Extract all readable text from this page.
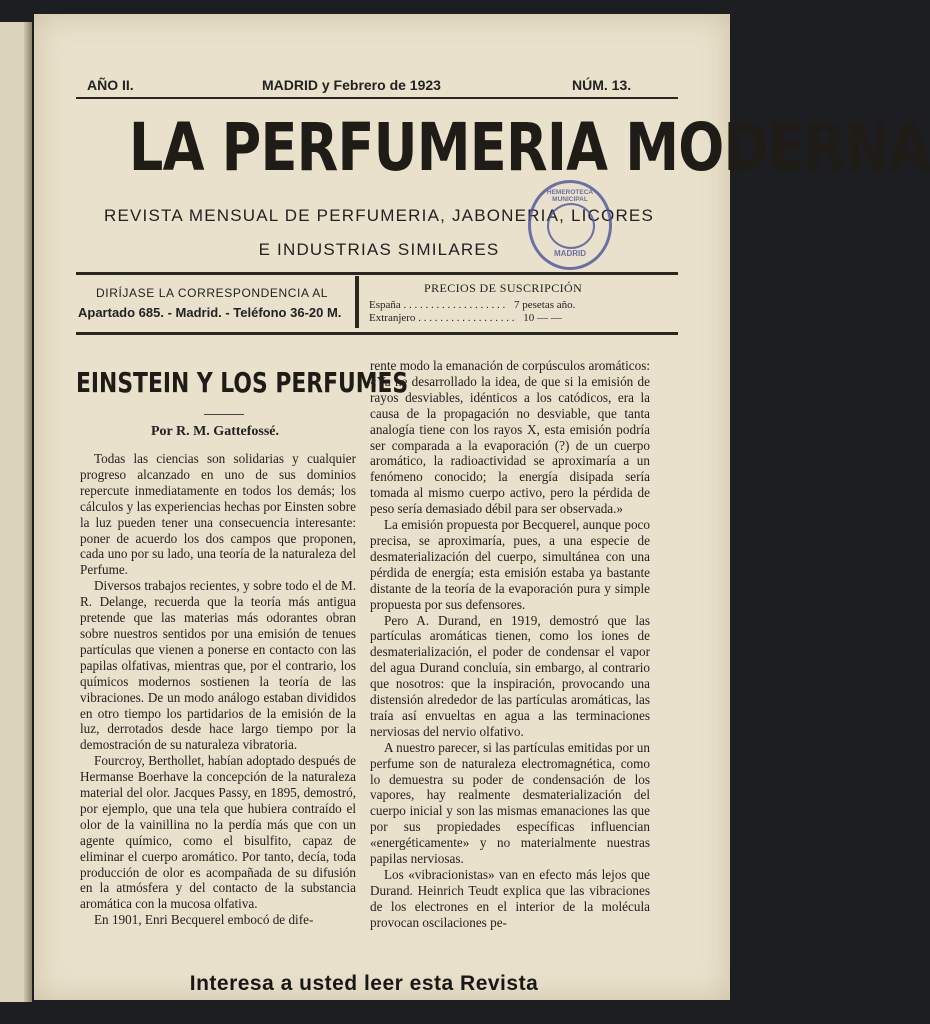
AÑO II.	MADRID y Febrero de 1923	NÚM. 13.
LA PERFUMERIA MODERNA
REVISTA MENSUAL DE PERFUMERIA, JABONERIA, LICORES
E INDUSTRIAS SIMILARES
HEMEROTECA MUNICIPAL
MADRID
DIRÍJASE LA CORRESPONDENCIA AL
Apartado 685. - Madrid. - Teléfono 36-20 M.
PRECIOS DE SUSCRIPCIÓN
España . . . . . . . . . . . . . . . . . . . 7 pesetas año.
Extranjero . . . . . . . . . . . . . . . . . . 10 — —
EINSTEIN Y LOS PERFUMES
Por R. M. Gattefossé.

Todas las ciencias son solidarias y cualquier progreso alcanzado en uno de sus dominios repercute inmediatamente en todos los demás; los cálculos y las experiencias hechas por Einsten sobre la luz pueden tener una consecuencia interesante: poner de acuerdo los dos campos que proponen, cada uno por su lado, una teoría de la naturaleza del Perfume.

Diversos trabajos recientes, y sobre todo el de M. R. Delange, recuerda que la teoría más antigua pretende que las materias más odorantes obran sobre nuestros sentidos por una emisión de tenues partículas que vienen a ponerse en contacto con las papilas olfativas, mientras que, por el contrario, los químicos modernos sostienen la teoría de las vibraciones. De un modo análogo estaban divididos en otro tiempo los partidarios de la emisión de la luz, derrotados desde hace largo tiempo por la demostración de su naturaleza vibratoria.

Fourcroy, Berthollet, habían adoptado después de Hermanse Boerhave la concepción de la naturaleza material del olor. Jacques Passy, en 1895, demostró, por ejemplo, que una tela que hubiera contraído el olor de la vainillina no la perdía más que con un agente químico, como el bisulfito, capaz de eliminar el cuerpo aromático. Por tanto, decía, toda producción de olor es acompañada de su difusión en la atmósfera y del contacto de la substancia aromática con la mucosa olfativa.

En 1901, Enri Becquerel embocó de dife-

rente modo la emanación de corpúsculos aromáticos: «Ya he desarrollado la idea, de que si la emisión de rayos desviables, idénticos a los catódicos, era la causa de la propagación no desviable, que tanta analogía tiene con los rayos X, esta emisión podría ser comparada a la evaporación (?) de un cuerpo aromático, la radioactividad se aproximaría a un fenómeno conocido; la energía disipada sería tomada al mismo cuerpo activo, pero la pérdida de peso sería demasiado débil para ser observada.»

La emisión propuesta por Becquerel, aunque poco precisa, se aproximaría, pues, a una especie de desmaterialización del cuerpo, simultánea con una pérdida de energía; esta emisión estaba ya bastante distante de la teoría de la evaporación pura y simple propuesta por sus defensores.

Pero A. Durand, en 1919, demostró que las partículas aromáticas tienen, como los iones de desmaterialización, el poder de condensar el vapor del agua Durand concluía, sin embargo, al contrario que nosotros: que la inspiración, provocando una distensión alrededor de las partículas aromáticas, las traía así envueltas en agua a las terminaciones nerviosas del nervio olfativo.

A nuestro parecer, si las partículas emitidas por un perfume son de naturaleza electromagnética, como lo demuestra su poder de condensación de los vapores, hay realmente desmaterialización del cuerpo inicial y son las mismas emanaciones las que por sus propiedades específicas influencian «energéticamente» y no materialmente nuestras papilas nerviosas.

Los «vibracionistas» van en efecto más lejos que Durand. Heinrich Teudt explica que las vibraciones de los electrones en el interior de la molécula provocan oscilaciones pe-

Interesa a usted leer esta Revista
